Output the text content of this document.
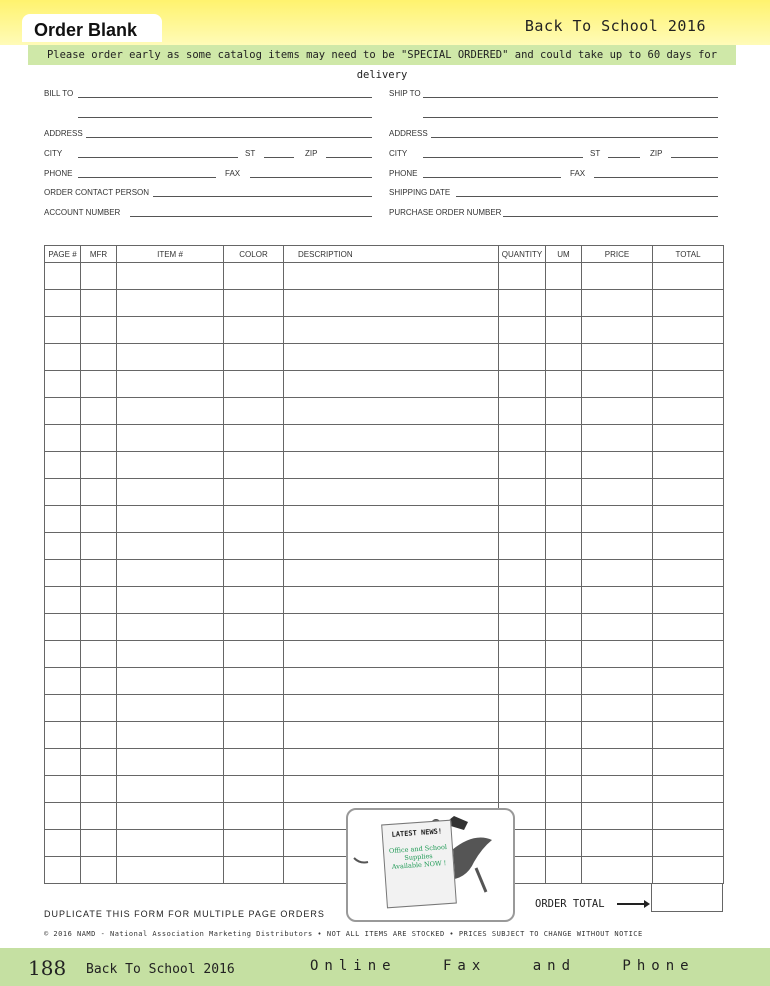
Order Blank	Back To School 2016
Please order early as some catalog items may need to be "SPECIAL ORDERED" and could take up to 60 days for delivery
BILL TO
ADDRESS
CITY	ST	ZIP
PHONE	FAX
ORDER CONTACT PERSON
ACCOUNT NUMBER
SHIP TO
ADDRESS
CITY	ST	ZIP
PHONE	FAX
SHIPPING DATE
PURCHASE ORDER NUMBER
PAGE #	MFR	ITEM #	COLOR	DESCRIPTION	QUANTITY	UM	PRICE	TOTAL

LATEST NEWS!
Office and School Supplies Available NOW !
ORDER TOTAL
DUPLICATE THIS FORM FOR MULTIPLE PAGE ORDERS
© 2016 NAMD - National Association Marketing Distributors • NOT ALL ITEMS ARE STOCKED • PRICES SUBJECT TO CHANGE WITHOUT NOTICE
188 Back To School 2016	Online Fax and Phone
